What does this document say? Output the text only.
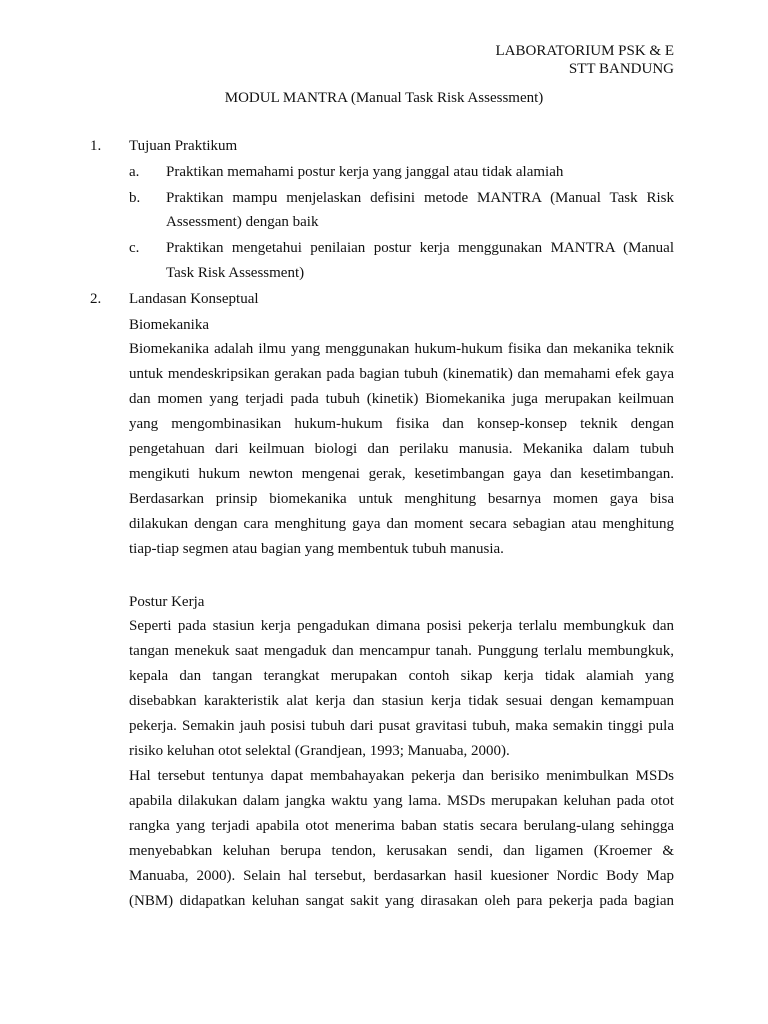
LABORATORIUM PSK & E
STT BANDUNG
MODUL MANTRA (Manual Task Risk Assessment)
1. Tujuan Praktikum
a. Praktikan memahami postur kerja yang janggal atau tidak alamiah
b. Praktikan mampu menjelaskan defisini metode MANTRA (Manual Task Risk
Assessment) dengan baik
c. Praktikan mengetahui penilaian postur kerja menggunakan MANTRA (Manual
Task Risk Assessment)
2. Landasan Konseptual
Biomekanika
Biomekanika adalah ilmu yang menggunakan hukum-hukum fisika dan mekanika teknik
untuk mendeskripsikan gerakan pada bagian tubuh (kinematik) dan memahami efek gaya
dan momen yang terjadi pada tubuh (kinetik) Biomekanika juga merupakan keilmuan
yang mengombinasikan hukum-hukum fisika dan konsep-konsep teknik dengan
pengetahuan dari keilmuan biologi dan perilaku manusia. Mekanika dalam tubuh
mengikuti hukum newton mengenai gerak, kesetimbangan gaya dan kesetimbangan.
Berdasarkan prinsip biomekanika untuk menghitung besarnya momen gaya bisa
dilakukan dengan cara menghitung gaya dan moment secara sebagian atau menghitung
tiap-tiap segmen atau bagian yang membentuk tubuh manusia.
Postur Kerja
Seperti pada stasiun kerja pengadukan dimana posisi pekerja terlalu membungkuk dan
tangan menekuk saat mengaduk dan mencampur tanah. Punggung terlalu membungkuk,
kepala dan tangan terangkat merupakan contoh sikap kerja tidak alamiah yang
disebabkan karakteristik alat kerja dan stasiun kerja tidak sesuai dengan kemampuan
pekerja. Semakin jauh posisi tubuh dari pusat gravitasi tubuh, maka semakin tinggi pula
risiko keluhan otot selektal (Grandjean, 1993; Manuaba, 2000).
Hal tersebut tentunya dapat membahayakan pekerja dan berisiko menimbulkan MSDs
apabila dilakukan dalam jangka waktu yang lama. MSDs merupakan keluhan pada otot
rangka yang terjadi apabila otot menerima baban statis secara berulang-ulang sehingga
menyebabkan keluhan berupa tendon, kerusakan sendi, dan ligamen (Kroemer &
Manuaba, 2000). Selain hal tersebut, berdasarkan hasil kuesioner Nordic Body Map
(NBM) didapatkan keluhan sangat sakit yang dirasakan oleh para pekerja pada bagian
